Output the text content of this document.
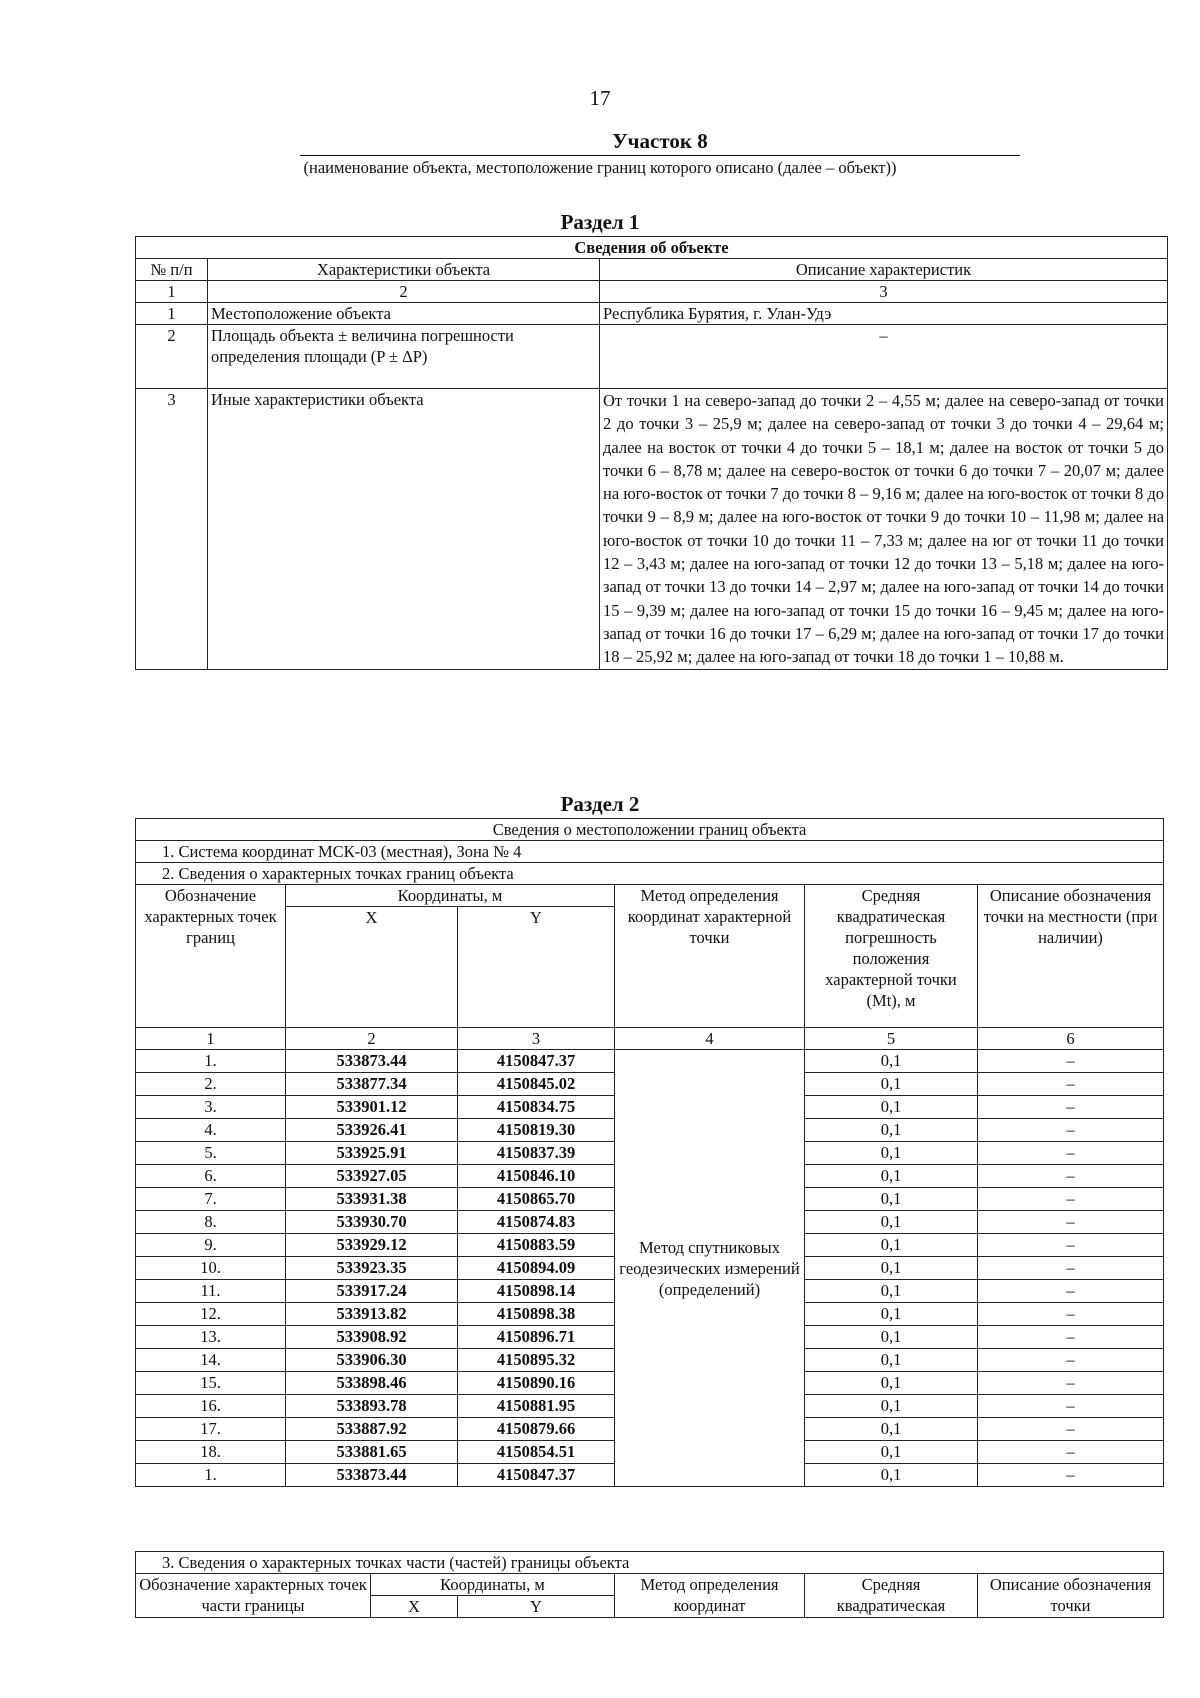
17
Участок 8
(наименование объекта, местоположение границ которого описано (далее – объект))
Раздел 1
Сведения об объекте		
№ п/п	Характеристики объекта	Описание характеристик
1	2	3
1	Местоположение объекта	Республика Бурятия, г. Улан-Удэ
2	Площадь объекта ± величина погрешности определения площади (P ± ΔP)	–
3	Иные характеристики объекта	От точки 1 на северо-запад до точки 2 – 4,55 м; далее на северо-запад от точки 2 до точки 3 – 25,9 м; далее на северо-запад от точки 3 до точки 4 – 29,64 м; далее на восток от точки 4 до точки 5 – 18,1 м; далее на восток от точки 5 до точки 6 – 8,78 м; далее на северо-восток от точки 6 до точки 7 – 20,07 м; далее на юго-восток от точки 7 до точки 8 – 9,16 м; далее на юго-восток от точки 8 до точки 9 – 8,9 м; далее на юго-восток от точки 9 до точки 10 – 11,98 м; далее на юго-восток от точки 10 до точки 11 – 7,33 м; далее на юг от точки 11 до точки 12 – 3,43 м; далее на юго-запад от точки 12 до точки 13 – 5,18 м; далее на юго-запад от точки 13 до точки 14 – 2,97 м; далее на юго-запад от точки 14 до точки 15 – 9,39 м; далее на юго-запад от точки 15 до точки 16 – 9,45 м; далее на юго-запад от точки 16 до точки 17 – 6,29 м; далее на юго-запад от точки 17 до точки 18 – 25,92 м; далее на юго-запад от точки 18 до точки 1 – 10,88 м.
Раздел 2
Сведения о местоположении границ объекта					
1. Система координат МСК-03 (местная), Зона № 4					
2. Сведения о характерных точках границ объекта					
Обозначение характерных точек границ	Координаты, м		Метод определения координат характерной точки	Средняя квадратическая погрешность положения характерной точки (Mt), м	Описание обозначения точки на местности (при наличии)
	X	Y			
1	2	3	4	5	6
1.	533873.44	4150847.37	Метод спутниковых геодезических измерений (определений)	0,1	–
2.	533877.34	4150845.02		0,1	–
3.	533901.12	4150834.75		0,1	–
4.	533926.41	4150819.30		0,1	–
5.	533925.91	4150837.39		0,1	–
6.	533927.05	4150846.10		0,1	–
7.	533931.38	4150865.70		0,1	–
8.	533930.70	4150874.83		0,1	–
9.	533929.12	4150883.59		0,1	–
10.	533923.35	4150894.09		0,1	–
11.	533917.24	4150898.14		0,1	–
12.	533913.82	4150898.38		0,1	–
13.	533908.92	4150896.71		0,1	–
14.	533906.30	4150895.32		0,1	–
15.	533898.46	4150890.16		0,1	–
16.	533893.78	4150881.95		0,1	–
17.	533887.92	4150879.66		0,1	–
18.	533881.65	4150854.51		0,1	–
1.	533873.44	4150847.37		0,1	–
3. Сведения о характерных точках части (частей) границы объекта					
Обозначение характерных точек части границы	Координаты, м		Метод определения координат	Средняя квадратическая	Описание обозначения точки
	X	Y			
